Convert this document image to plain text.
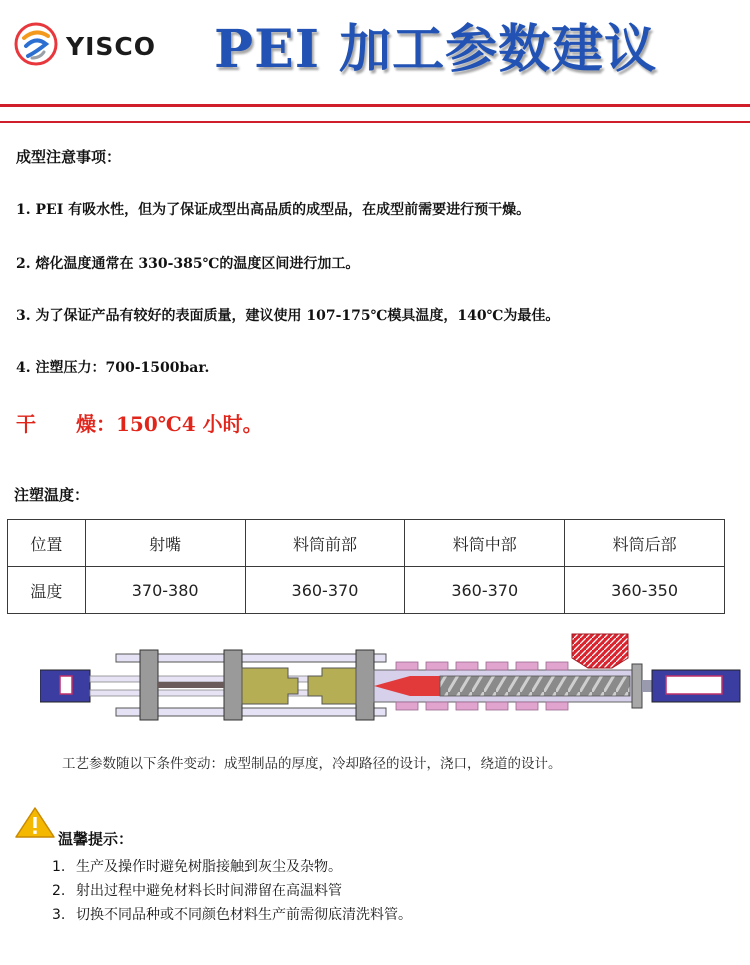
YISCO PEI 加工参数建议
成型注意事项：
1. PEI 有吸水性，但为了保证成型出高品质的成型品，在成型前需要进行预干燥。
2. 熔化温度通常在 330-385℃的温度区间进行加工。
3. 为了保证产品有较好的表面质量，建议使用 107-175℃模具温度，140℃为最佳。
4. 注塑压力：700-1500bar.
干 燥：150℃4 小时。
注塑温度：
位置	射嘴	料筒前部	料筒中部	料筒后部
温度	370-380	360-370	360-370	360-350
工艺参数随以下条件变动：成型制品的厚度，冷却路径的设计，浇口，绕道的设计。
温馨提示：
1. 生产及操作时避免树脂接触到灰尘及杂物。
2. 射出过程中避免材料长时间滞留在高温料管
3. 切换不同品种或不同颜色材料生产前需彻底清洗料管。
